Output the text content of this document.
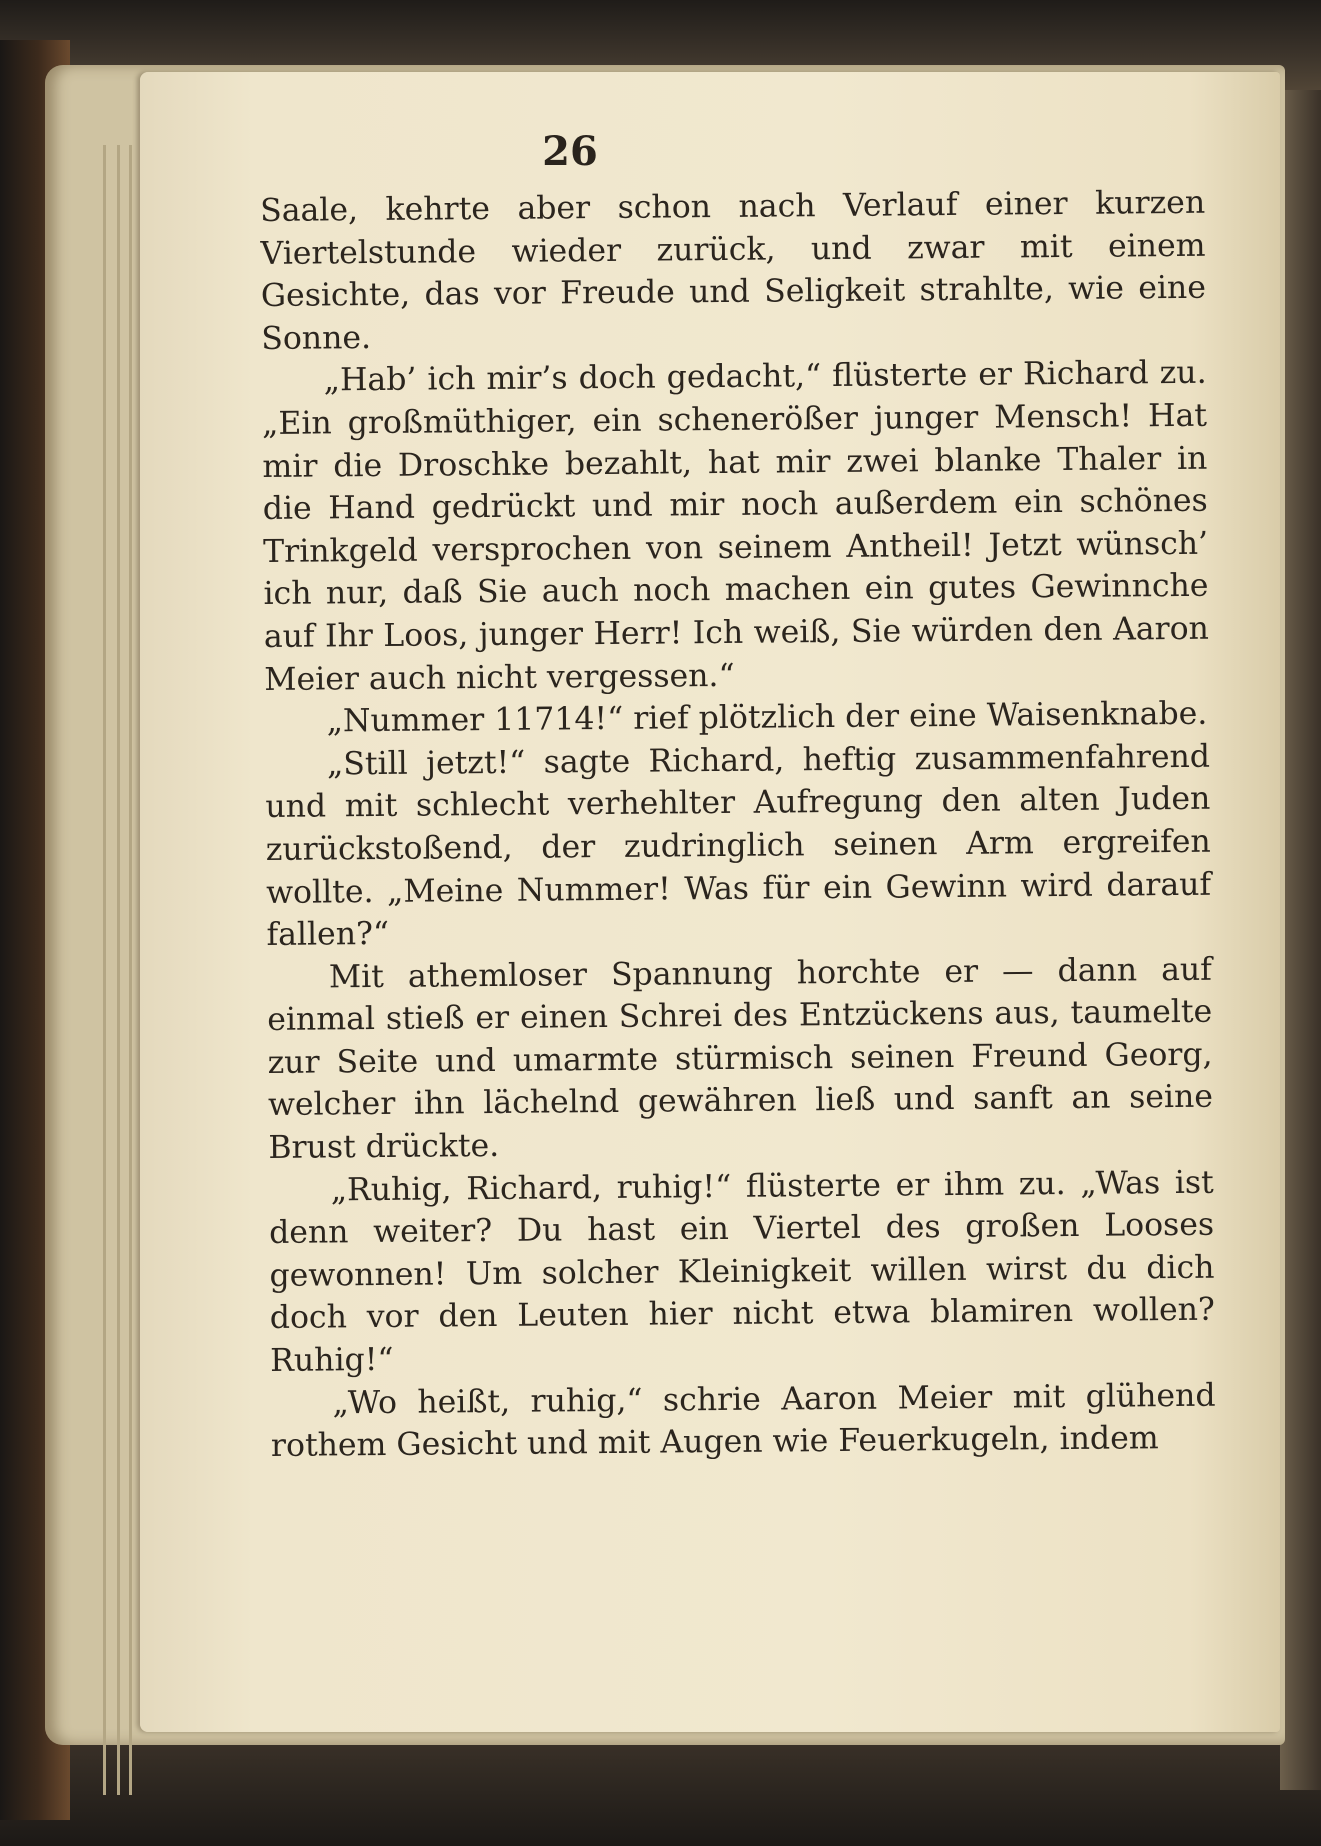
26

Saale, kehrte aber schon nach Verlauf einer kurzen Viertelstunde wieder zurück, und zwar mit einem Gesichte, das vor Freude und Seligkeit strahlte, wie eine Sonne.

„Hab’ ich mir’s doch gedacht,“ flüsterte er Richard zu. „Ein großmüthiger, ein schenerößer junger Mensch! Hat mir die Droschke bezahlt, hat mir zwei blanke Thaler in die Hand gedrückt und mir noch außerdem ein schönes Trinkgeld versprochen von seinem Antheil! Jetzt wünsch’ ich nur, daß Sie auch noch machen ein gutes Gewinnche auf Ihr Loos, junger Herr! Ich weiß, Sie würden den Aaron Meier auch nicht vergessen.“

„Nummer 11714!“ rief plötzlich der eine Waisenknabe.

„Still jetzt!“ sagte Richard, heftig zusammenfahrend und mit schlecht verhehlter Aufregung den alten Juden zurückstoßend, der zudringlich seinen Arm ergreifen wollte. „Meine Nummer! Was für ein Gewinn wird darauf fallen?“

Mit athemloser Spannung horchte er — dann auf einmal stieß er einen Schrei des Entzückens aus, taumelte zur Seite und umarmte stürmisch seinen Freund Georg, welcher ihn lächelnd gewähren ließ und sanft an seine Brust drückte.

„Ruhig, Richard, ruhig!“ flüsterte er ihm zu. „Was ist denn weiter? Du hast ein Viertel des großen Looses gewonnen! Um solcher Kleinigkeit willen wirst du dich doch vor den Leuten hier nicht etwa blamiren wollen? Ruhig!“

„Wo heißt, ruhig,“ schrie Aaron Meier mit glühend rothem Gesicht und mit Augen wie Feuerkugeln, indem
